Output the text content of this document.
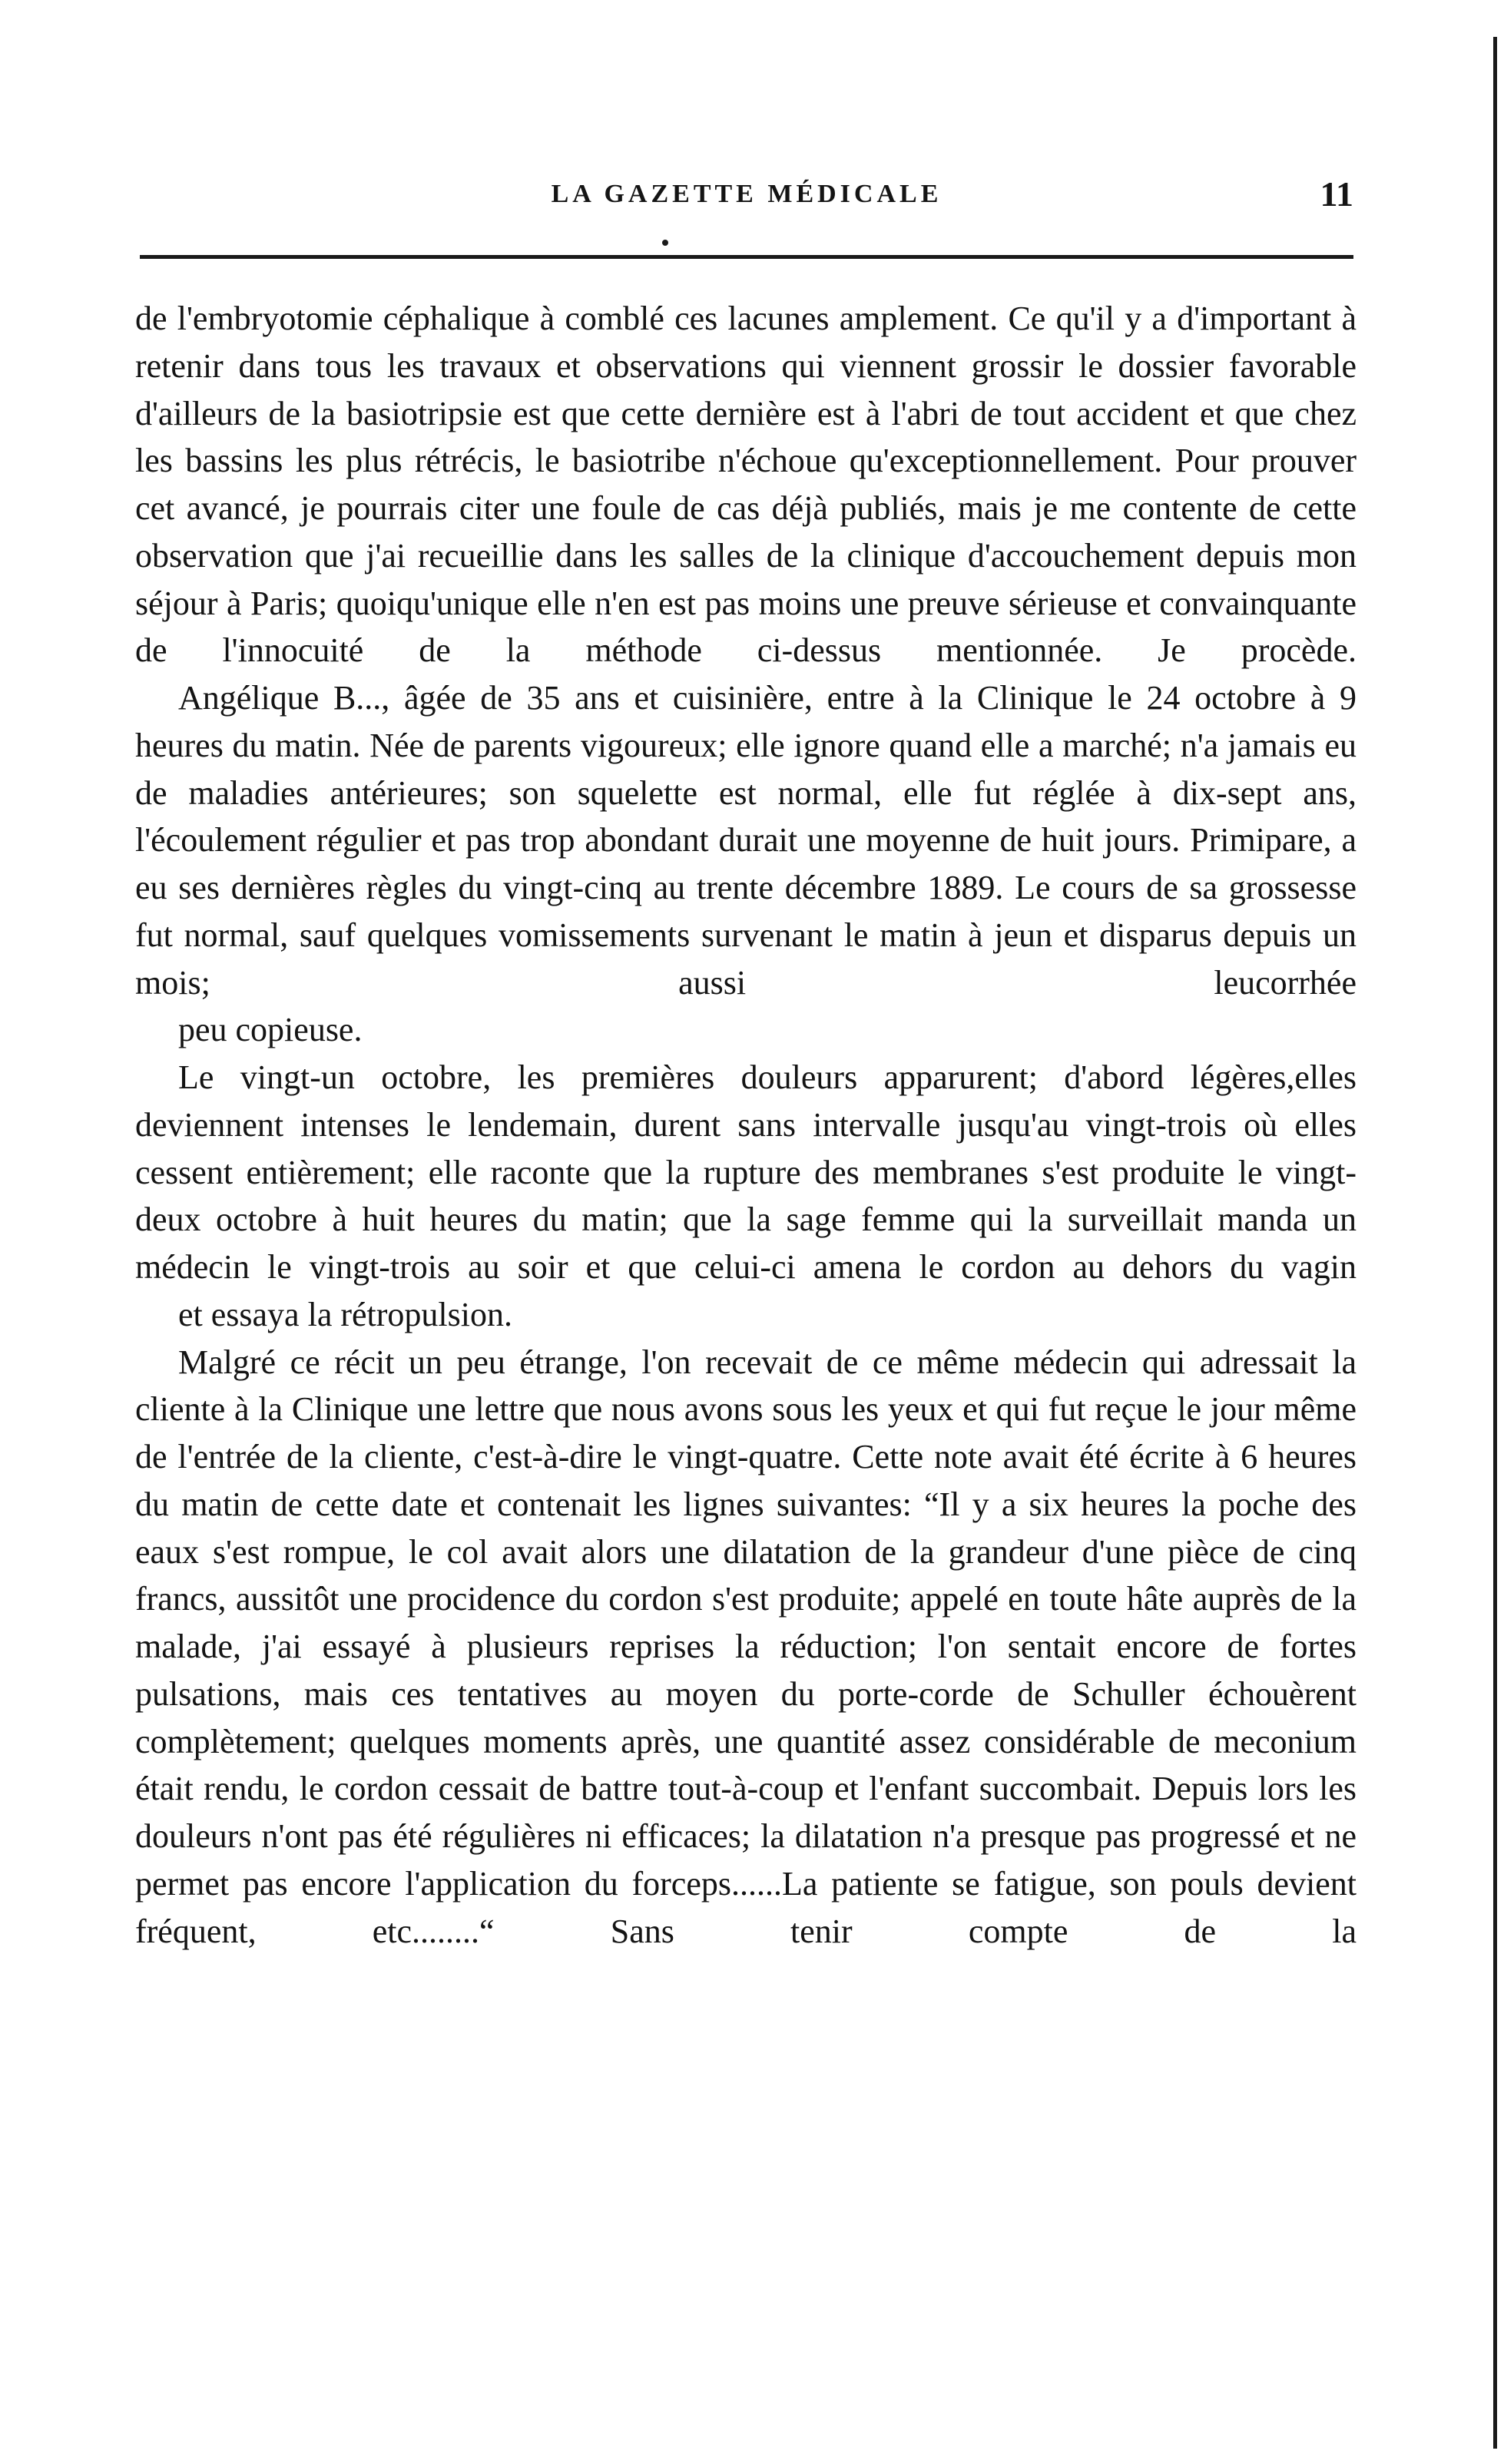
LA GAZETTE MÉDICALE	11

de l'embryotomie céphalique à comblé ces lacunes amplement. Ce qu'il y a d'important à retenir dans tous les travaux et observations qui viennent grossir le dossier favorable d'ailleurs de la basiotripsie est que cette dernière est à l'abri de tout accident et que chez les bassins les plus rétrécis, le basiotribe n'échoue qu'exceptionnellement. Pour prouver cet avancé, je pourrais citer une foule de cas déjà publiés, mais je me contente de cette observation que j'ai recueillie dans les salles de la clinique d'accouchement depuis mon séjour à Paris; quoiqu'unique elle n'en est pas moins une preuve sérieuse et convainquante de l'innocuité de la méthode ci-dessus mentionnée. Je procède.

Angélique B..., âgée de 35 ans et cuisinière, entre à la Clinique le 24 octobre à 9 heures du matin. Née de parents vigoureux; elle ignore quand elle a marché; n'a jamais eu de maladies antérieures; son squelette est normal, elle fut réglée à dix-sept ans, l'écoulement régulier et pas trop abondant durait une moyenne de huit jours. Primipare, a eu ses dernières règles du vingt-cinq au trente décembre 1889. Le cours de sa grossesse fut normal, sauf quelques vomissements survenant le matin à jeun et disparus depuis un mois; aussi leucorrhée
peu copieuse.

Le vingt-un octobre, les premières douleurs apparurent; d'abord légères,elles deviennent intenses le lendemain, durent sans intervalle jusqu'au vingt-trois où elles cessent entièrement; elle raconte que la rupture des membranes s'est produite le vingt-deux octobre à huit heures du matin; que la sage femme qui la surveillait manda un médecin le vingt-trois au soir et que celui-ci amena le cordon au dehors du vagin
et essaya la rétropulsion.

Malgré ce récit un peu étrange, l'on recevait de ce même médecin qui adressait la cliente à la Clinique une lettre que nous avons sous les yeux et qui fut reçue le jour même de l'entrée de la cliente, c'est-à-dire le vingt-quatre. Cette note avait été écrite à 6 heures du matin de cette date et contenait les lignes suivantes: “Il y a six heures la poche des eaux s'est rompue, le col avait alors une dilatation de la grandeur d'une pièce de cinq francs, aussitôt une procidence du cordon s'est produite; appelé en toute hâte auprès de la malade, j'ai essayé à plusieurs reprises la réduction; l'on sentait encore de fortes pulsations, mais ces tentatives au moyen du porte-corde de Schuller échouèrent complètement; quelques moments après, une quantité assez considérable de meconium était rendu, le cordon cessait de battre tout-à-coup et l'enfant succombait. Depuis lors les douleurs n'ont pas été régulières ni efficaces; la dilatation n'a presque pas progressé et ne permet pas encore l'application du forceps......La patiente se fatigue, son pouls devient fréquent, etc........“ Sans tenir compte de la
